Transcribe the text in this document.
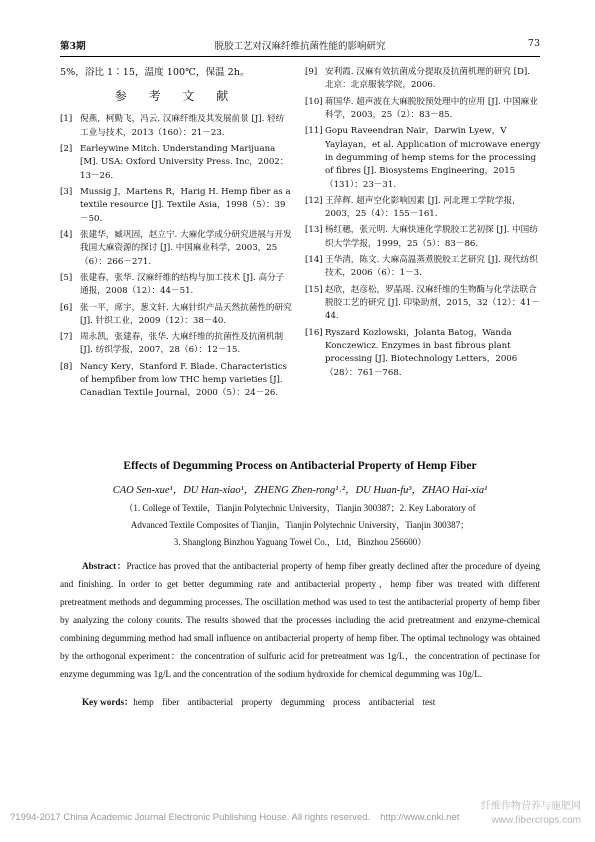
第3期	脱胶工艺对汉麻纤维抗菌性能的影响研究	73
5%，浴比 1∶15，温度 100℃，保温 2h。
参 考 文 献
[1] 倪燕，柯勤飞，冯云. 汉麻纤维及其发展前景 [J]. 轻纺工业与技术，2013（160）：21－23.
[2] Earleywine Mitch. Understanding Marijuana [M]. USA: Oxford University Press. Inc，2002：13－26.
[3] Mussig J，Martens R，Harig H. Hemp fiber as a textile resource [J]. Textile Asia，1998（5）：39－50.
[4] 张建华，臧巩固，赵立宁. 大麻化学成分研究进展与开发我国大麻资源的探讨 [J]. 中国麻业科学，2003，25（6）：266－271.
[5] 张建春，张华. 汉麻纤维的结构与加工技术 [J]. 高分子通报，2008（12）：44－51.
[6] 张一平，席宇，葱文轩. 大麻针织产品天然抗菌性的研究 [J]. 针织工业，2009（12）：38－40.
[7] 周永凯，张建春，张华. 大麻纤维的抗菌性及抗菌机制 [J]. 纺织学报，2007，28（6）：12－15.
[8] Nancy Kery，Stanford F. Blade. Characteristics of hempfiber from low THC hemp varieties [J]. Canadian Textile Journal，2000（5）：24－26.
[9] 安利霞. 汉麻有效抗菌成分提取及抗菌机理的研究 [D]. 北京：北京服装学院，2006.
[10] 蒋国华. 超声波在大麻脱胶预处理中的应用 [J]. 中国麻业科学，2003，25（2）：83－85.
[11] Gopu Raveendran Nair，Darwin Lyew，V Yaylayan，et al. Application of microwave energy in degumming of hemp stems for the processing of fibres [J]. Biosystems Engineering，2015（131）：23－31.
[12] 王萍辉. 超声空化影响因素 [J]. 河北理工学院学报，2003，25（4）：155－161.
[13] 杨红穗，张元明. 大麻快速化学脱胶工艺初探 [J]. 中国纺织大学学报，1999，25（5）：83－86.
[14] 王华清，陈文. 大麻高温蒸煮脱胶工艺研究 [J]. 现代纺织技术，2006（6）：1－3.
[15] 赵欣，赵彦松，罗晶瑶. 汉麻纤维的生物酶与化学法联合脱胶工艺的研究 [J]. 印染助剂，2015，32（12）：41－44.
[16] Ryszard Kozlowski，Jolanta Batog，Wanda Konczewicz. Enzymes in bast fibrous plant processing [J]. Biotechnology Letters，2006（28）：761－768.
Effects of Degumming Process on Antibacterial Property of Hemp Fiber
CAO Sen-xue¹，DU Han-xiao¹，ZHENG Zhen-rong¹˒²，DU Huan-fu³，ZHAO Hai-xia¹
（1. College of Textile，Tianjin Polytechnic University，Tianjin 300387；2. Key Laboratory of
Advanced Textile Composites of Tianjin，Tianjin Polytechnic University，Tianjin 300387；
3. Shanglong Binzhou Yaguang Towel Co.，Ltd，Binzhou 256600）
Abstract：Practice has proved that the antibacterial property of hemp fiber greatly declined after the procedure of dyeing and finishing. In order to get better degumming rate and antibacterial property，hemp fiber was treated with different pretreatment methods and degumming processes. The oscillation method was used to test the antibacterial property of hemp fiber by analyzing the colony counts. The results showed that the processes including the acid pretreatment and enzyme-chemical combining degumming method had small influence on antibacterial property of hemp fiber. The optimal technology was obtained by the orthogonal experiment：the concentration of sulfuric acid for pretreatment was 1g/L，the concentration of pectinase for enzyme degumming was 1g/L and the concentration of the sodium hydroxide for chemical degumming was 10g/L.
Key words：hemp fiber antibacterial property degumming process antibacterial test
?1994-2017 China Academic Journal Electronic Publishing House. All rights reserved. http://www.cnki.net
纤维作物营养与施肥网
www.fibercrops.com
